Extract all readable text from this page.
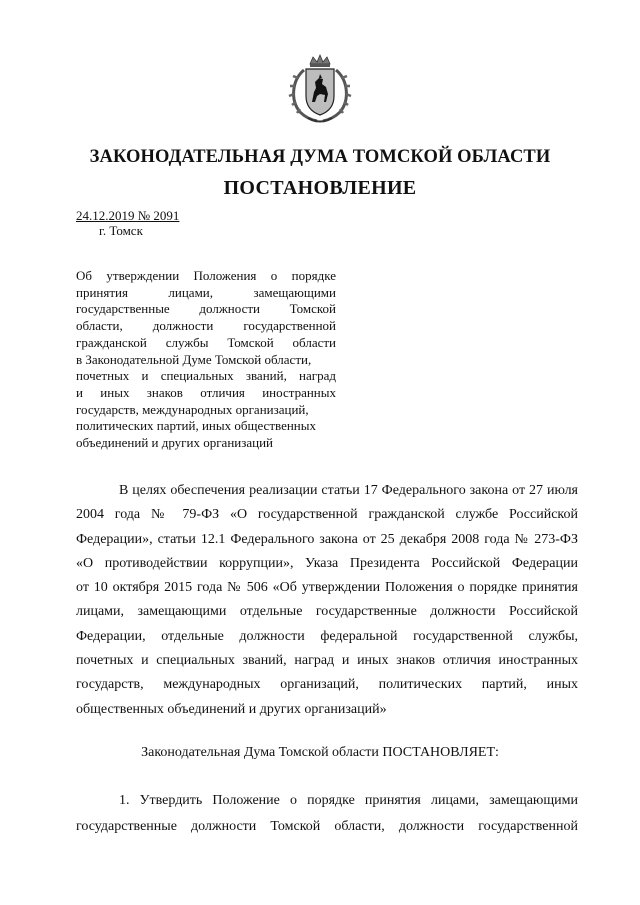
ЗАКОНОДАТЕЛЬНАЯ ДУМА ТОМСКОЙ ОБЛАСТИ
ПОСТАНОВЛЕНИЕ
24.12.2019 № 2091
г. Томск
Об утверждении Положения о порядке
принятия лицами, замещающими
государственные должности Томской
области, должности государственной
гражданской службы Томской области
в Законодательной Думе Томской области,
почетных и специальных званий, наград
и иных знаков отличия иностранных
государств, международных организаций,
политических партий, иных общественных
объединений и других организаций
В целях обеспечения реализации статьи 17 Федерального закона от 27 июля
2004 года № 79-ФЗ «О государственной гражданской службе Российской
Федерации», статьи 12.1 Федерального закона от 25 декабря 2008 года № 273-ФЗ
«О противодействии коррупции», Указа Президента Российской Федерации
от 10 октября 2015 года № 506 «Об утверждении Положения о порядке принятия
лицами, замещающими отдельные государственные должности Российской
Федерации, отдельные должности федеральной государственной службы,
почетных и специальных званий, наград и иных знаков отличия иностранных
государств, международных организаций, политических партий, иных
общественных объединений и других организаций»
Законодательная Дума Томской области ПОСТАНОВЛЯЕТ:
1. Утвердить Положение о порядке принятия лицами, замещающими
государственные должности Томской области, должности государственной
